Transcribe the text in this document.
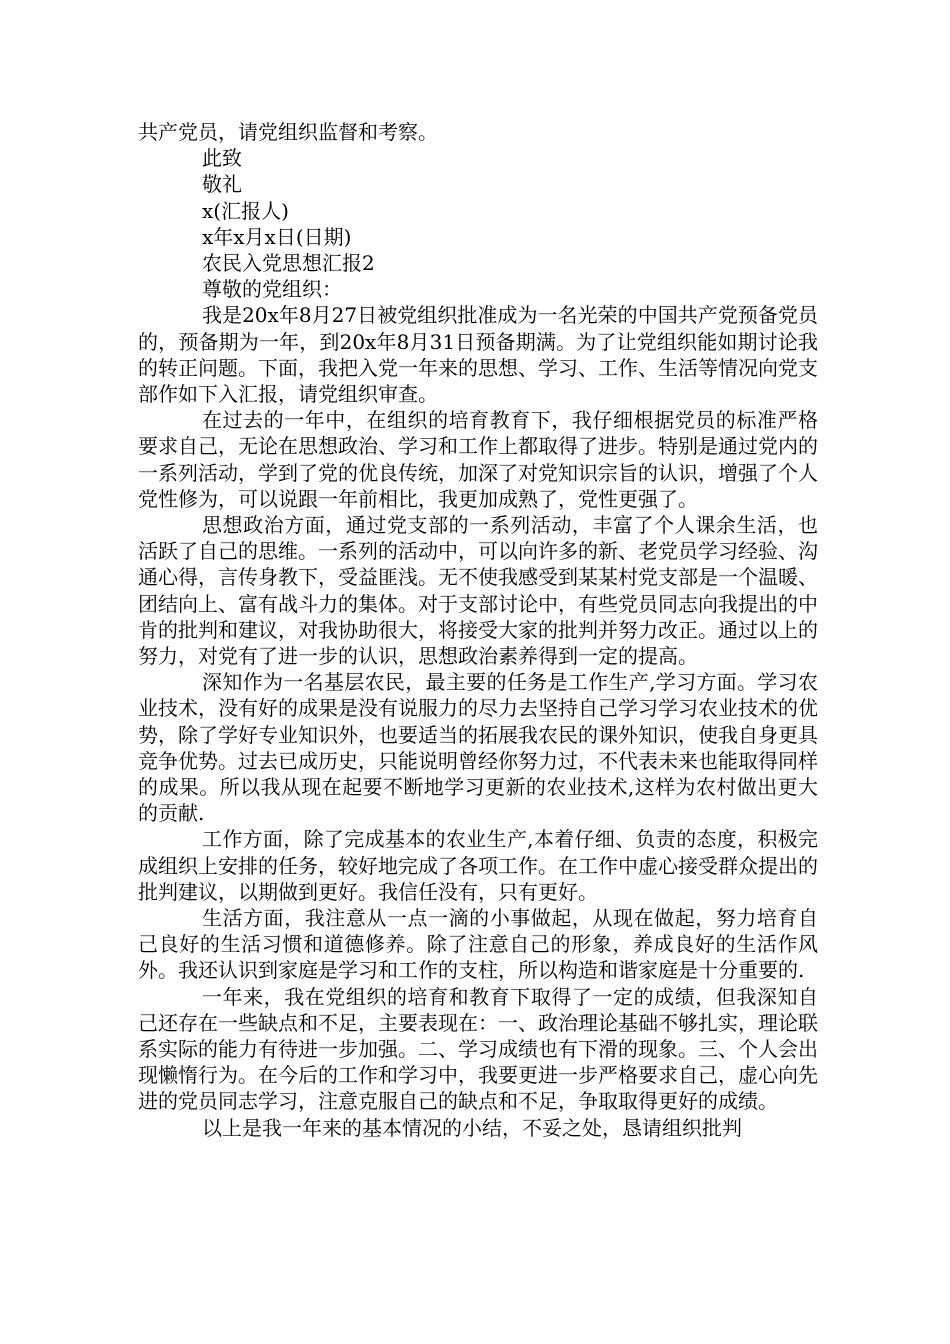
共产党员，请党组织监督和考察。
此致
敬礼
x(汇报人)
x年x月x日(日期)
农民入党思想汇报2
尊敬的党组织：

我是20x年8月27日被党组织批准成为一名光荣的中国共产党预备党员的，预备期为一年，到20x年8月31日预备期满。为了让党组织能如期讨论我的转正问题。下面，我把入党一年来的思想、学习、工作、生活等情况向党支部作如下入汇报，请党组织审查。

在过去的一年中，在组织的培育教育下，我仔细根据党员的标准严格要求自己，无论在思想政治、学习和工作上都取得了进步。特别是通过党内的一系列活动，学到了党的优良传统，加深了对党知识宗旨的认识，增强了个人党性修为，可以说跟一年前相比，我更加成熟了，党性更强了。

思想政治方面，通过党支部的一系列活动，丰富了个人课余生活，也活跃了自己的思维。一系列的活动中，可以向许多的新、老党员学习经验、沟通心得，言传身教下，受益匪浅。无不使我感受到某某村党支部是一个温暖、团结向上、富有战斗力的集体。对于支部讨论中，有些党员同志向我提出的中肯的批判和建议，对我协助很大，将接受大家的批判并努力改正。通过以上的努力，对党有了进一步的认识，思想政治素养得到一定的提高。

深知作为一名基层农民，最主要的任务是工作生产,学习方面。学习农业技术，没有好的成果是没有说服力的尽力去坚持自己学习学习农业技术的优势，除了学好专业知识外，也要适当的拓展我农民的课外知识，使我自身更具竞争优势。过去已成历史，只能说明曾经你努力过，不代表未来也能取得同样的成果。所以我从现在起要不断地学习更新的农业技术,这样为农村做出更大的贡献.

工作方面，除了完成基本的农业生产,本着仔细、负责的态度，积极完成组织上安排的任务，较好地完成了各项工作。在工作中虚心接受群众提出的批判建议，以期做到更好。我信任没有，只有更好。

生活方面，我注意从一点一滴的小事做起，从现在做起，努力培育自己良好的生活习惯和道德修养。除了注意自己的形象，养成良好的生活作风外。我还认识到家庭是学习和工作的支柱，所以构造和谐家庭是十分重要的.

一年来，我在党组织的培育和教育下取得了一定的成绩，但我深知自己还存在一些缺点和不足，主要表现在：一、政治理论基础不够扎实，理论联系实际的能力有待进一步加强。二、学习成绩也有下滑的现象。三、个人会出现懒惰行为。在今后的工作和学习中，我要更进一步严格要求自己，虚心向先进的党员同志学习，注意克服自己的缺点和不足，争取取得更好的成绩。

以上是我一年来的基本情况的小结，不妥之处，恳请组织批判
